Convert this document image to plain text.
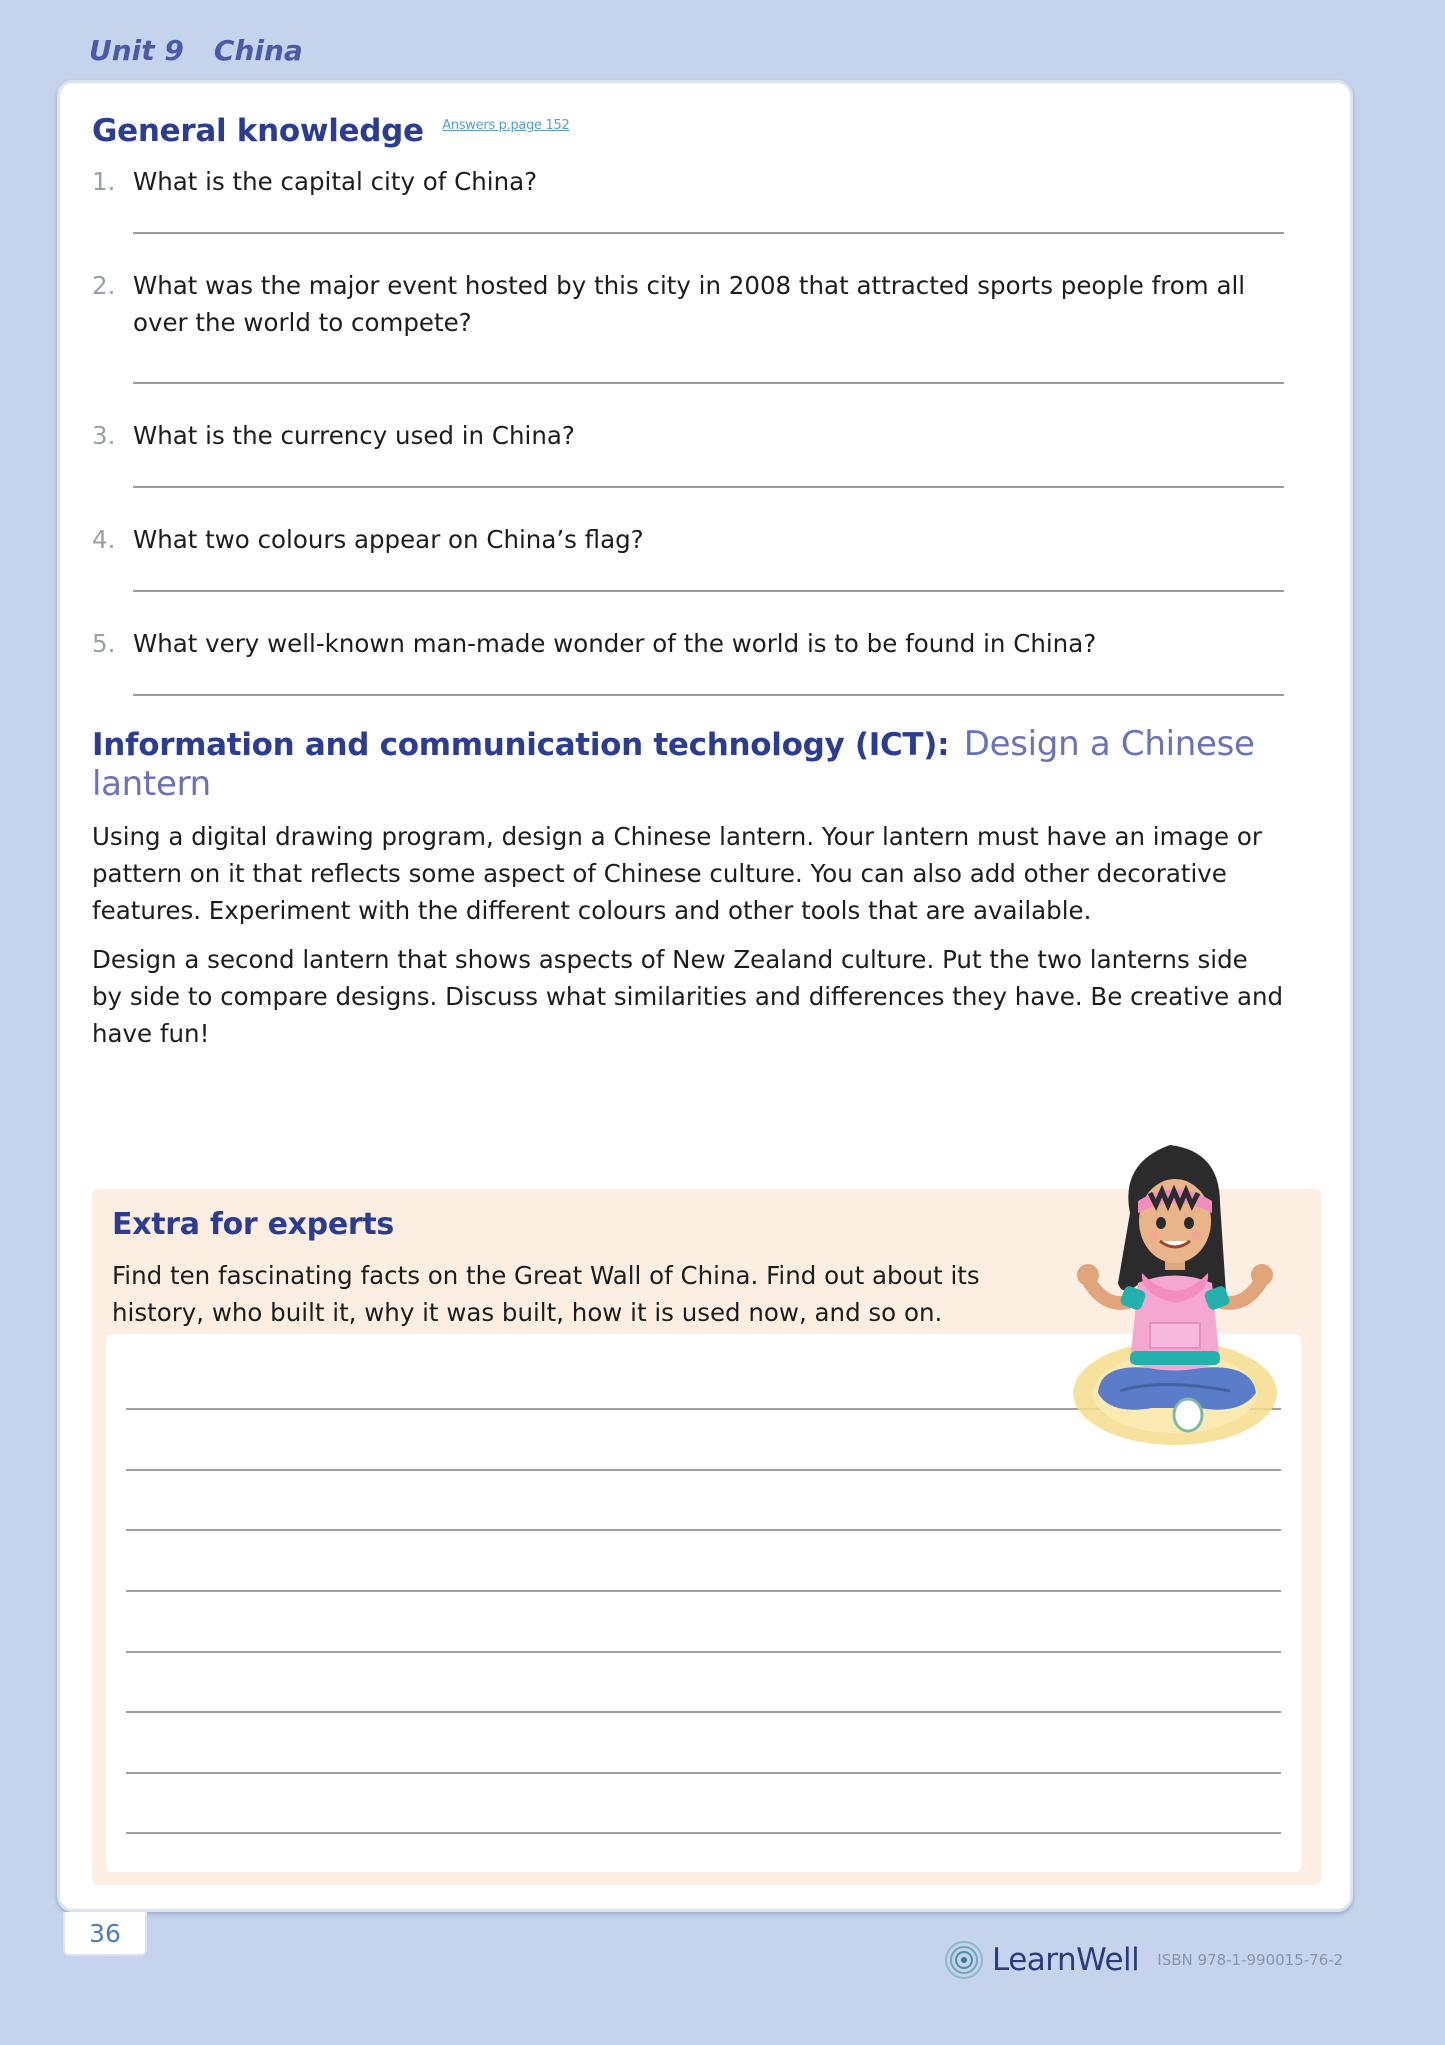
Unit 9 China
General knowledge $^{Answers p.page 152}$
1. What is the capital city of China?
2. What was the major event hosted by this city in 2008 that attracted sports people from all over the world to compete?
3. What is the currency used in China?
4. What two colours appear on China’s flag?
5. What very well-known man-made wonder of the world is to be found in China?
Information and communication technology (ICT): Design a Chinese lantern
Using a digital drawing program, design a Chinese lantern. Your lantern must have an image or pattern on it that reflects some aspect of Chinese culture. You can also add other decorative features. Experiment with the different colours and other tools that are available.
Design a second lantern that shows aspects of New Zealand culture. Put the two lanterns side by side to compare designs. Discuss what similarities and differences they have. Be creative and have fun!
Extra for experts
Find ten fascinating facts on the Great Wall of China. Find out about its history, who built it, why it was built, how it is used now, and so on.
36
LearnWell ISBN 978-1-990015-76-2
